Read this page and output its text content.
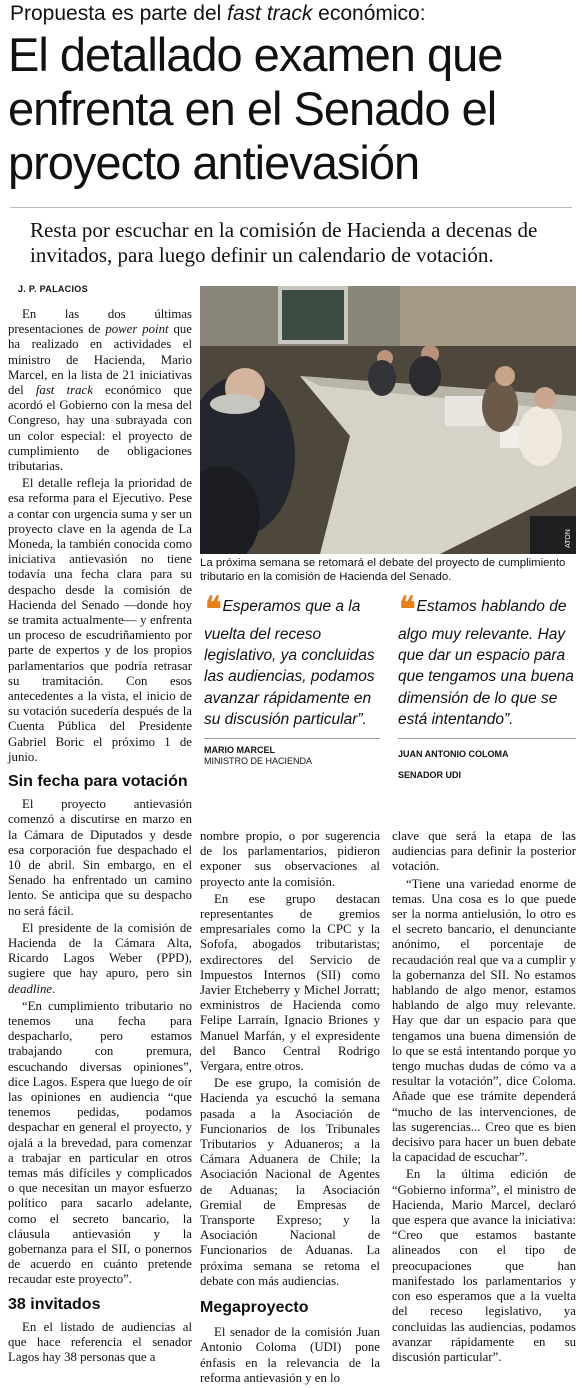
Propuesta es parte del fast track económico:
El detallado examen que
enfrenta en el Senado el
proyecto antievasión
Resta por escuchar en la comisión de Hacienda a decenas de
invitados, para luego definir un calendario de votación.
J. P. PALACIOS
ATON
La próxima semana se retomará el debate del proyecto de cumplimiento tributario en la comisión de Hacienda del Senado.
❛❛ Esperamos que a la vuelta del receso legislativo, ya concluidas las audiencias, podamos avanzar rápidamente en su discusión particular”.
MARIO MARCEL
MINISTRO DE HACIENDA
❛❛ Estamos hablando de algo muy relevante. Hay que dar un espacio para que tengamos una buena dimensión de lo que se está intentando”.
JUAN ANTONIO COLOMA
SENADOR UDI

En las dos últimas presentaciones de power point que ha realizado en actividades el ministro de Hacienda, Mario Marcel, en la lista de 21 iniciativas del fast track económico que acordó el Gobierno con la mesa del Congreso, hay una subrayada con un color especial: el proyecto de cumplimiento de obligaciones tributarias.

El detalle refleja la prioridad de esa reforma para el Ejecutivo. Pese a contar con urgencia suma y ser un proyecto clave en la agenda de La Moneda, la también conocida como iniciativa antievasión no tiene todavía una fecha clara para su despacho desde la comisión de Hacienda del Senado —donde hoy se tramita actualmente— y enfrenta un proceso de escudriñamiento por parte de expertos y de los propios parlamentarios que podría retrasar su tramitación. Con esos antecedentes a la vista, el inicio de su votación sucedería después de la Cuenta Pública del Presidente Gabriel Boric el próximo 1 de junio.

Sin fecha para votación

El proyecto antievasión comenzó a discutirse en marzo en la Cámara de Diputados y desde esa corporación fue despachado el 10 de abril. Sin embargo, en el Senado ha enfrentado un camino lento. Se anticipa que su despacho no será fácil.

El presidente de la comisión de Hacienda de la Cámara Alta, Ricardo Lagos Weber (PPD), sugiere que hay apuro, pero sin deadline.

“En cumplimiento tributario no tenemos una fecha para despacharlo, pero estamos trabajando con premura, escuchando diversas opiniones”, dice Lagos. Espera que luego de oír las opiniones en audiencia “que tenemos pedidas, podamos despachar en general el proyecto, y ojalá a la brevedad, para comenzar a trabajar en particular en otros temas más difíciles y complicados o que necesitan un mayor esfuerzo político para sacarlo adelante, como el secreto bancario, la cláusula antievasión y la gobernanza para el SII, o ponernos de acuerdo en cuánto pretende recaudar este proyecto”.

38 invitados

En el listado de audiencias al que hace referencia el senador Lagos hay 38 personas que a

nombre propio, o por sugerencia de los parlamentarios, pidieron exponer sus observaciones al proyecto ante la comisión.

En ese grupo destacan representantes de gremios empresariales como la CPC y la Sofofa, abogados tributaristas; exdirectores del Servicio de Impuestos Internos (SII) como Javier Etcheberry y Michel Jorratt; exministros de Hacienda como Felipe Larraín, Ignacio Briones y Manuel Marfán, y el expresidente del Banco Central Rodrigo Vergara, entre otros.

De ese grupo, la comisión de Hacienda ya escuchó la semana pasada a la Asociación de Funcionarios de los Tribunales Tributarios y Aduaneros; a la Cámara Aduanera de Chile; la Asociación Nacional de Agentes de Aduanas; la Asociación Gremial de Empresas de Transporte Expreso; y la Asociación Nacional de Funcionarios de Aduanas. La próxima semana se retoma el debate con más audiencias.

Megaproyecto

El senador de la comisión Juan Antonio Coloma (UDI) pone énfasis en la relevancia de la reforma antievasión y en lo

clave que será la etapa de las audiencias para definir la posterior votación.

“Tiene una variedad enorme de temas. Una cosa es lo que puede ser la norma antielusión, lo otro es el secreto bancario, el denunciante anónimo, el porcentaje de recaudación real que va a cumplir y la gobernanza del SII. No estamos hablando de algo menor, estamos hablando de algo muy relevante. Hay que dar un espacio para que tengamos una buena dimensión de lo que se está intentando porque yo tengo muchas dudas de cómo va a resultar la votación”, dice Coloma. Añade que ese trámite dependerá “mucho de las intervenciones, de las sugerencias... Creo que es bien decisivo para hacer un buen debate la capacidad de escuchar”.

En la última edición de “Gobierno informa”, el ministro de Hacienda, Mario Marcel, declaró que espera que avance la iniciativa: “Creo que estamos bastante alineados con el tipo de preocupaciones que han manifestado los parlamentarios y con eso esperamos que a la vuelta del receso legislativo, ya concluidas las audiencias, podamos avanzar rápidamente en su discusión particular”.
